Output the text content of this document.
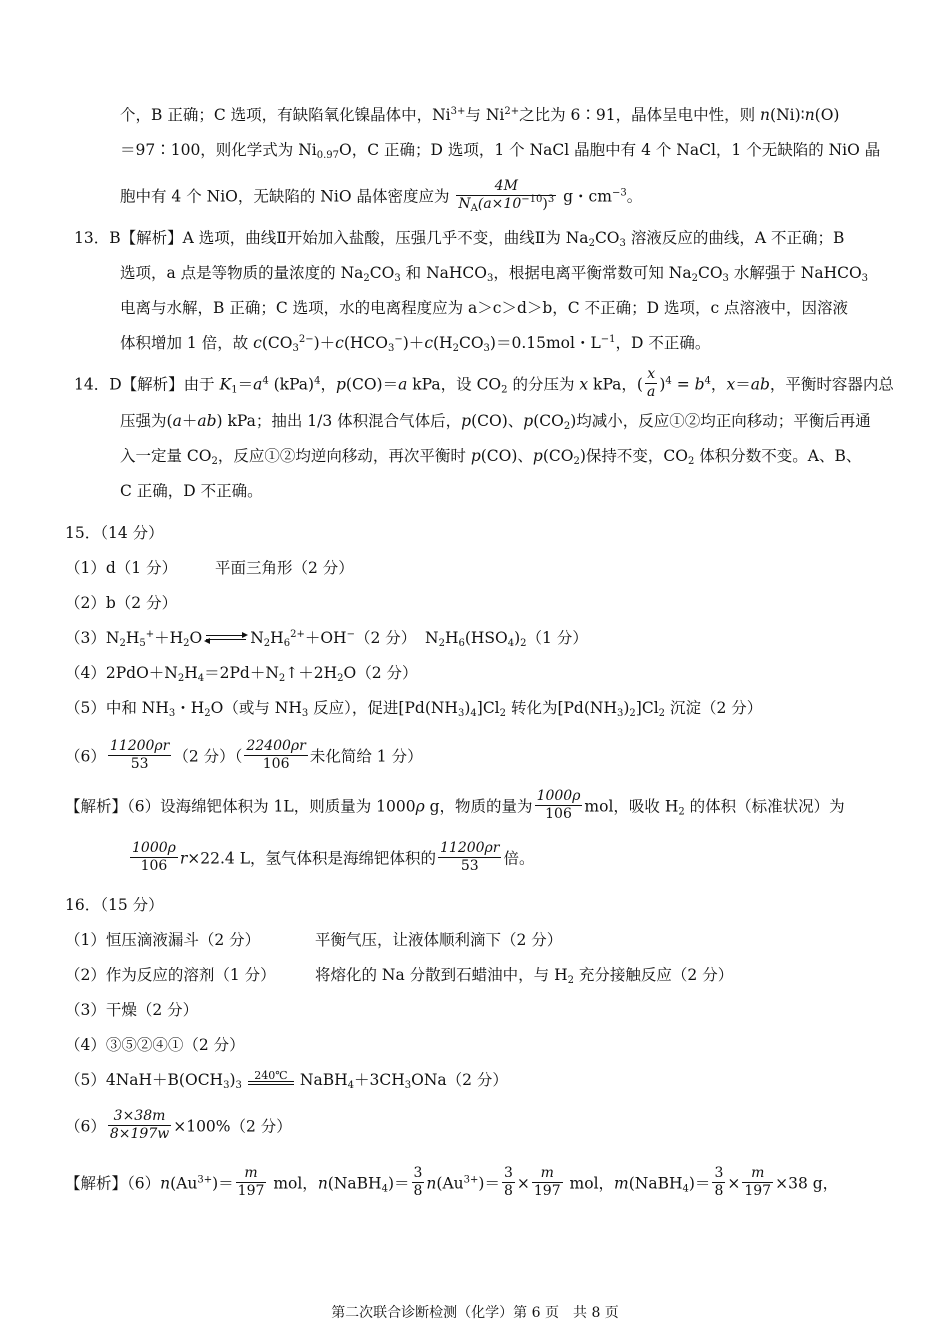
个，B 正确；C 选项，有缺陷氧化镍晶体中，$Ni^{3+}$与 $Ni^{2+}$之比为 6∶91，晶体呈电中性，则 n(Ni)∶n(O)
＝97∶100，则化学式为 $Ni_{0.97}O$，C 正确；D 选项，1 个 NaCl 晶胞中有 4 个 NaCl，1 个无缺陷的 NiO 晶
胞中有 4 个 NiO，无缺陷的 NiO 晶体密度应为 $\frac{4M}{N_A(a\times 10^{-10})^3}$ g・$cm^{-3}$。
13．B【解析】A 选项，曲线Ⅱ开始加入盐酸，压强几乎不变，曲线Ⅱ为 $Na_2CO_3$ 溶液反应的曲线，A 不正确；B
选项，a 点是等物质的量浓度的 $Na_2CO_3$ 和 NaHCO$_3$，根据电离平衡常数可知 $Na_2CO_3$ 水解强于 NaHCO$_3$
电离与水解，B 正确；C 选项，水的电离程度应为 a＞c＞d＞b，C 不正确；D 选项，c 点溶液中，因溶液
体积增加 1 倍，故 $c(CO_3^{2-})+c(HCO_3^-)+c(H_2CO_3)=0.15mol$・$L^{-1}$，D 不正确。
14．D【解析】由于 $K_1=a^4$ (kPa)$^4$，p(CO)＝a kPa，设 $CO_2$ 的分压为 x kPa，( $\frac{x}{a} )^4 = b^4$，x＝ab，平衡时容器内总
压强为(a＋ab) kPa；抽出 1/3 体积混合气体后，p(CO)、$p(CO_2)$均减小，反应①②均正向移动；平衡后再通
入一定量 $CO_2$，反应①②均逆向移动，再次平衡时 p(CO)、$p(CO_2)$保持不变，$CO_2$ 体积分数不变。A、B、
C 正确，D 不正确。
15．（14 分）
（1）d（1 分） 平面三角形（2 分）
（2）b（2 分）
$(3)N_2H_5^++H_2O$	$N_2H_6^{2+}+OH^-(2$ 分） $N_2H_6(HSO_4)_2(1$ 分）
$(4)2PdO+N_2H_4=2Pd+N_2↑+2H_2O(2$ 分）
（5）中和 $NH_3$・$H_2O$（或与 $NH_3$ 反应），促进$[Pd(NH_3)_4]Cl_2$ 转化为$[Pd(NH_3)_2]Cl_2$ 沉淀（2 分）
$(6) \frac{11200\rho r}{53} (2$ 分）（ $\frac{22400\rho r}{106}$ 未化简给 1 分）
【解析】（6）设海绵钯体积为 1L，则质量为 1000ρ g，物质的量为 $\frac{1000\rho}{106}$ mol，吸收 $H_2$ 的体积（标准状况）为
$\frac{1000\rho}{106} r\times 22.4$ L，氢气体积是海绵钯体积的 $\frac{11200\rho r}{53}$ 倍。
16．（15 分）
（1）恒压滴液漏斗（2 分）	平衡气压，让液体顺利滴下（2 分）
（2）作为反应的溶剂（1 分）	将熔化的 Na 分散到石蜡油中，与 $H_2$ 充分接触反应（2 分）
（3）干燥（2 分）
（4）③⑤②④①（2 分）
$(5)4NaH+B(OCH_3)_3$
240℃ $NaBH_4+3CH_3ONa(2$ 分）
$(6) \frac{3\times 38m}{8\times 197w} \times 100\%(2$ 分）
【解析】$(6)n(Au^{3+})= \frac{m}{197}$ mol，n(NaBH$_4$)＝ $\frac{3}{8} n(Au^{3+})= \frac{3}{8} \times \frac{m}{197}$ mol，m(NaBH$_4$)＝ $\frac{3}{8} \times \frac{m}{197} \times 38$ g，
第二次联合诊断检测（化学）第 6 页　共 8 页
